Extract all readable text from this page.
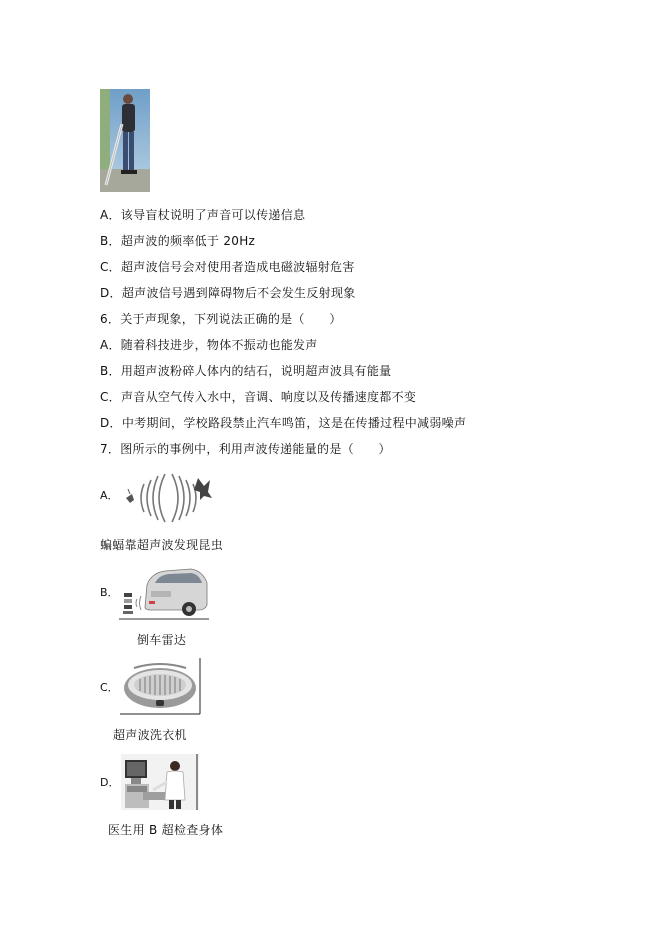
A．该导盲杖说明了声音可以传递信息
B．超声波的频率低于 20Hz
C．超声波信号会对使用者造成电磁波辐射危害
D．超声波信号遇到障碍物后不会发生反射现象
6．关于声现象，下列说法正确的是（　　）
A．随着科技进步，物体不振动也能发声
B．用超声波粉碎人体内的结石，说明超声波具有能量
C．声音从空气传入水中，音调、响度以及传播速度都不变
D．中考期间，学校路段禁止汽车鸣笛，这是在传播过程中减弱噪声
7．图所示的事例中，利用声波传递能量的是（　　）
A．
蝙蝠靠超声波发现昆虫
B．
倒车雷达
C．
超声波洗衣机
D．
医生用 B 超检查身体
